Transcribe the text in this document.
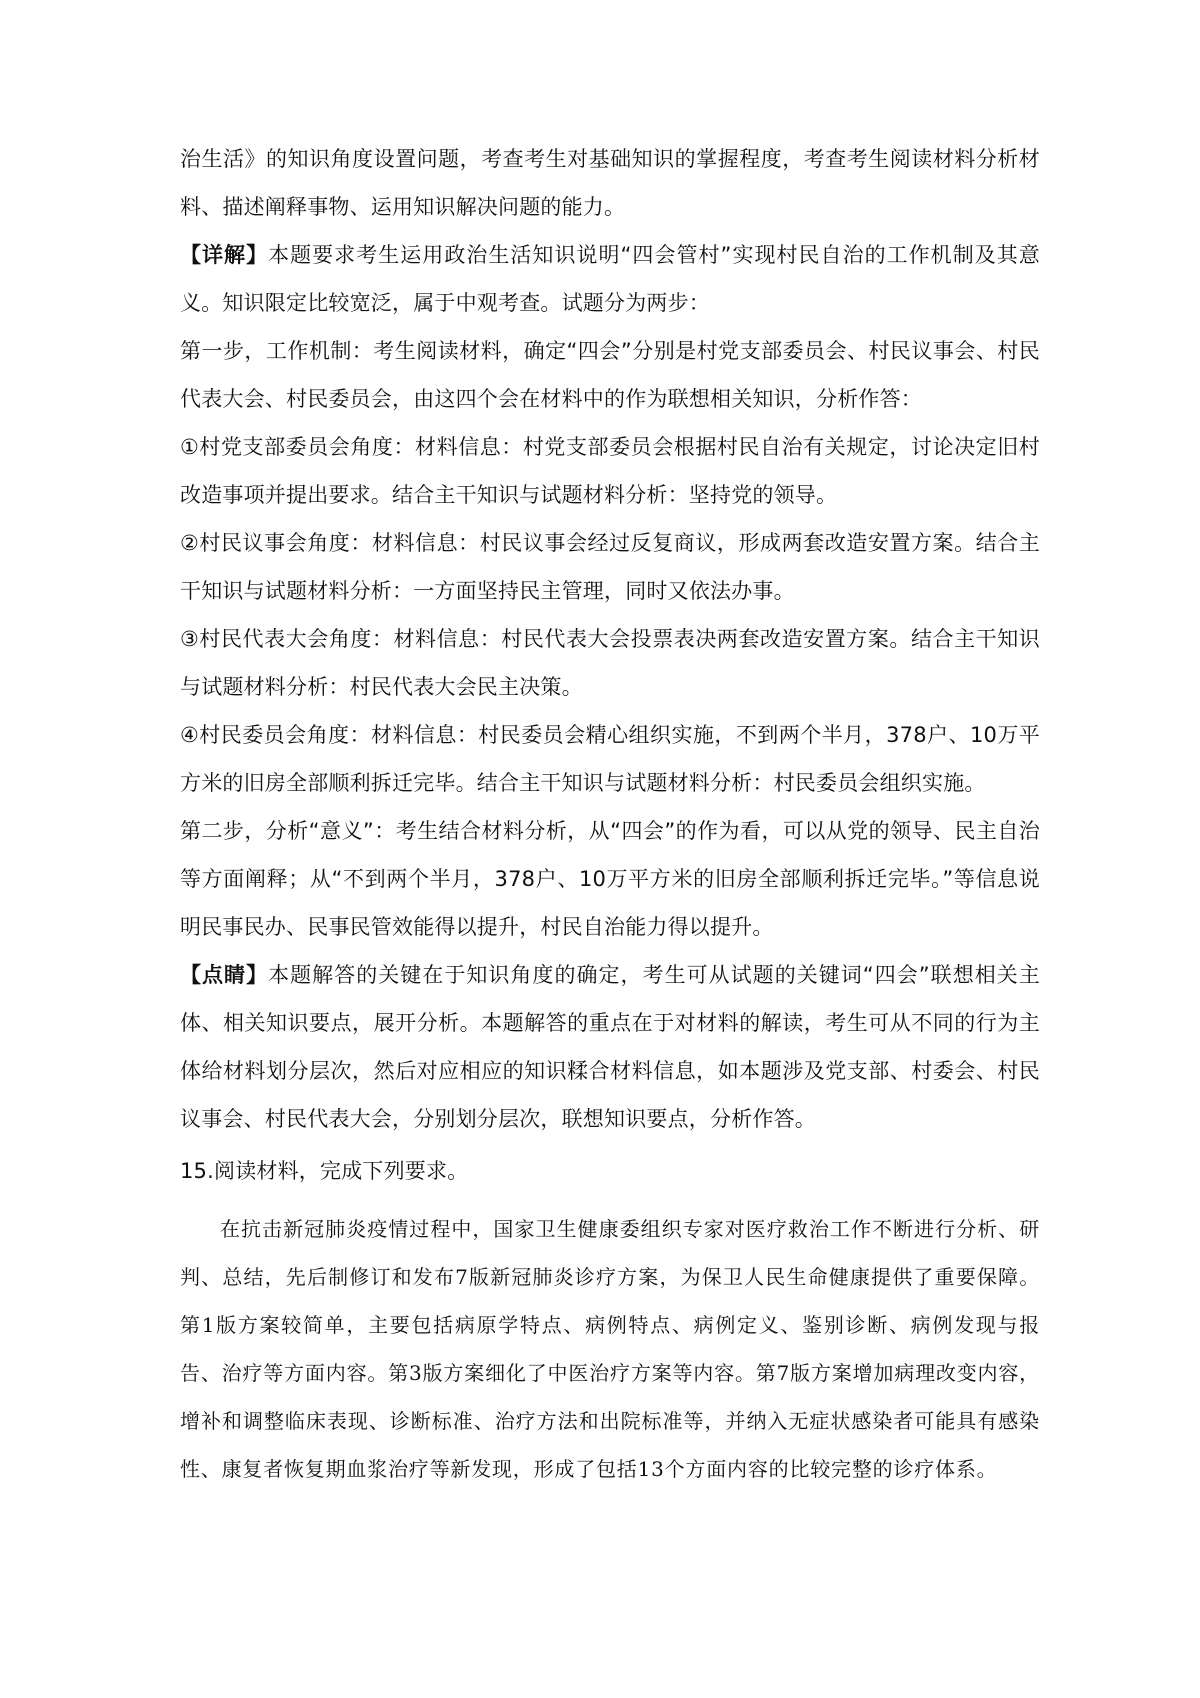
治生活》的知识角度设置问题，考查考生对基础知识的掌握程度，考查考生阅读材料分析材料、描述阐释事物、运用知识解决问题的能力。

【详解】本题要求考生运用政治生活知识说明“四会管村”实现村民自治的工作机制及其意义。知识限定比较宽泛，属于中观考查。试题分为两步：

第一步，工作机制：考生阅读材料，确定“四会”分别是村党支部委员会、村民议事会、村民代表大会、村民委员会，由这四个会在材料中的作为联想相关知识，分析作答：

①村党支部委员会角度：材料信息：村党支部委员会根据村民自治有关规定，讨论决定旧村改造事项并提出要求。结合主干知识与试题材料分析：坚持党的领导。

②村民议事会角度：材料信息：村民议事会经过反复商议，形成两套改造安置方案。结合主干知识与试题材料分析：一方面坚持民主管理，同时又依法办事。

③村民代表大会角度：材料信息：村民代表大会投票表决两套改造安置方案。结合主干知识与试题材料分析：村民代表大会民主决策。

④村民委员会角度：材料信息：村民委员会精心组织实施，不到两个半月，378户、10万平方米的旧房全部顺利拆迁完毕。结合主干知识与试题材料分析：村民委员会组织实施。

第二步，分析“意义”：考生结合材料分析，从“四会”的作为看，可以从党的领导、民主自治等方面阐释；从“不到两个半月，378户、10万平方米的旧房全部顺利拆迁完毕。”等信息说明民事民办、民事民管效能得以提升，村民自治能力得以提升。

【点睛】本题解答的关键在于知识角度的确定，考生可从试题的关键词“四会”联想相关主体、相关知识要点，展开分析。本题解答的重点在于对材料的解读，考生可从不同的行为主体给材料划分层次，然后对应相应的知识糅合材料信息，如本题涉及党支部、村委会、村民议事会、村民代表大会，分别划分层次，联想知识要点，分析作答。

15.阅读材料，完成下列要求。

在抗击新冠肺炎疫情过程中，国家卫生健康委组织专家对医疗救治工作不断进行分析、研判、总结，先后制修订和发布7版新冠肺炎诊疗方案，为保卫人民生命健康提供了重要保障。第1版方案较简单，主要包括病原学特点、病例特点、病例定义、鉴别诊断、病例发现与报告、治疗等方面内容。第3版方案细化了中医治疗方案等内容。第7版方案增加病理改变内容，增补和调整临床表现、诊断标准、治疗方法和出院标准等，并纳入无症状感染者可能具有感染性、康复者恢复期血浆治疗等新发现，形成了包括13个方面内容的比较完整的诊疗体系。
